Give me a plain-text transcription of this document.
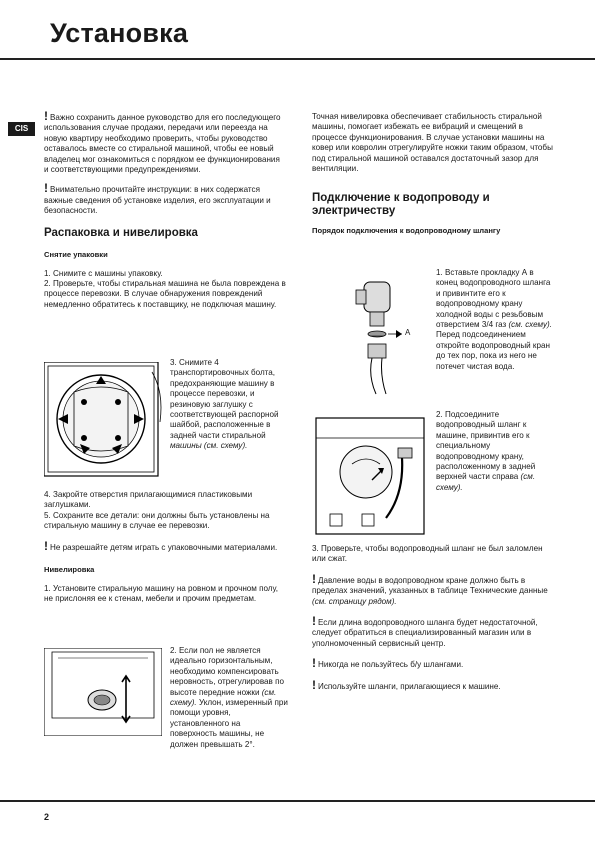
Установка
CIS

! Важно сохранить данное руководство для его последующего использования случае продажи, передачи или переезда на новую квартиру необходимо проверить, чтобы руководство оставалось вместе со стиральной машиной, чтобы ее новый владелец мог ознакомиться с порядком ее функционирования и соответствующими предупреждениями.

! Внимательно прочитайте инструкции: в них содержатся важные сведения об установке изделия, его эксплуатации и безопасности.

Распаковка и нивелировка

Снятие упаковки

1. Снимите с машины упаковку.

2. Проверьте, чтобы стиральная машина не была повреждена в процессе перевозки. В случае обнаружения повреждений немедленно обратитесь к поставщику, не подключая машину.

3. Снимите 4 транспортировочных болта, предохраняющие машину в процессе перевозки, и резиновую заглушку с соответствующей распорной шайбой, расположенные в задней части стиральной машины (см. схему).

4. Закройте отверстия прилагающимися пластиковыми заглушками.

5. Сохраните все детали: они должны быть установлены на стиральную машину в случае ее перевозки.

! Не разрешайте детям играть с упаковочными материалами.

Нивелировка

1. Установите стиральную машину на ровном и прочном полу, не прислоняя ее к стенам, мебели и прочим предметам.

2. Если пол не является идеально горизонтальным, необходимо компенсировать неровность, отрегулировав по высоте передние ножки (см. схему). Уклон, измеренный при помощи уровня, установленного на поверхность машины, не должен превышать 2°.

Точная нивелировка обеспечивает стабильность стиральной машины, помогает избежать ее вибраций и смещений в процессе функционирования. В случае установки машины на ковер или ковролин отрегулируйте ножки таким образом, чтобы под стиральной машиной оставался достаточный зазор для вентиляции.

Подключение к водопроводу и электричеству

Порядок подключения к водопроводному шлангу

A

1. Вставьте прокладку А в конец водопроводного шланга и привинтите его к водопроводному крану холодной воды с резьбовым отверстием 3/4 газ (см. схему).

Перед подсоединением откройте водопроводный кран до тех пор, пока из него не потечет чистая вода.

2. Подсоедините водопроводный шланг к машине, привинтив его к специальному водопроводному крану, расположенному в задней верхней части справа (см. схему).

3. Проверьте, чтобы водопроводный шланг не был заломлен или сжат.

! Давление воды в водопроводном кране должно быть в пределах значений, указанных в таблице Технические данные (см. страницу рядом).

! Если длина водопроводного шланга будет недостаточной, следует обратиться в специализированный магазин или в уполномоченный сервисный центр.

! Никогда не пользуйтесь б/у шлангами.

! Используйте шланги, прилагающиеся к машине.

2
